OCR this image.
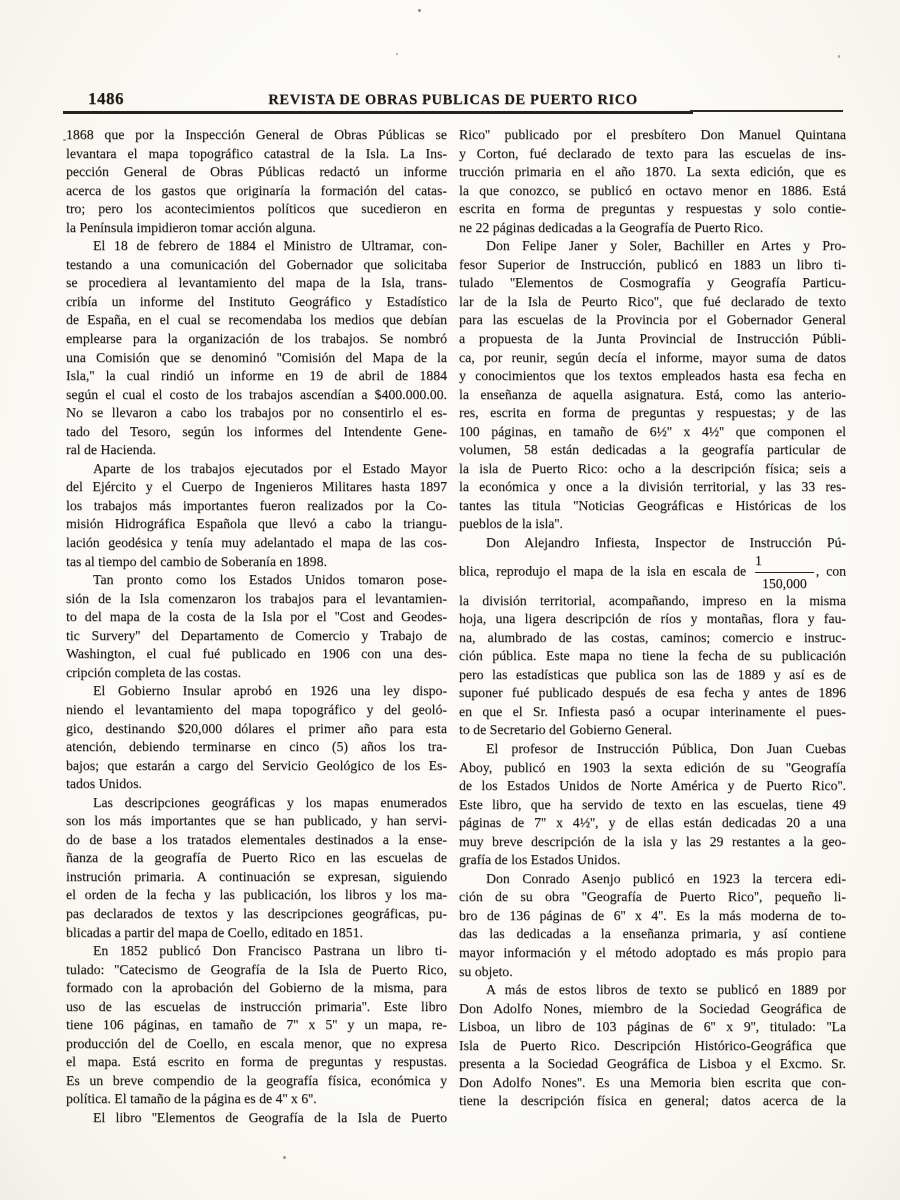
1486	REVISTA DE OBRAS PUBLICAS DE PUERTO RICO
1868 que por la Inspección General de Obras Públicas se
levantara el mapa topográfico catastral de la Isla. La Ins-
pección General de Obras Públicas redactó un informe
acerca de los gastos que originaría la formación del catas-
tro; pero los acontecimientos políticos que sucedieron en
la Península impidieron tomar acción alguna.
El 18 de febrero de 1884 el Ministro de Ultramar, con-
testando a una comunicación del Gobernador que solicitaba
se procediera al levantamiento del mapa de la Isla, trans-
cribía un informe del Instituto Geográfico y Estadístico
de España, en el cual se recomendaba los medios que debían
emplearse para la organización de los trabajos. Se nombró
una Comisión que se denominó ''Comisión del Mapa de la
Isla,'' la cual rindió un informe en 19 de abril de 1884
según el cual el costo de los trabajos ascendían a $400.000.00.
No se llevaron a cabo los trabajos por no consentirlo el es-
tado del Tesoro, según los informes del Intendente Gene-
ral de Hacienda.
Aparte de los trabajos ejecutados por el Estado Mayor
del Ejército y el Cuerpo de Ingenieros Militares hasta 1897
los trabajos más importantes fueron realizados por la Co-
misión Hidrográfica Española que llevó a cabo la triangu-
lación geodésica y tenía muy adelantado el mapa de las cos-
tas al tiempo del cambio de Soberanía en 1898.
Tan pronto como los Estados Unidos tomaron pose-
sión de la Isla comenzaron los trabajos para el levantamien-
to del mapa de la costa de la Isla por el ''Cost and Geodes-
tic Survery'' del Departamento de Comercio y Trabajo de
Washington, el cual fué publicado en 1906 con una des-
cripción completa de las costas.
El Gobierno Insular aprobó en 1926 una ley dispo-
niendo el levantamiento del mapa topográfico y del geoló-
gico, destinando $20,000 dólares el primer año para esta
atención, debiendo terminarse en cinco (5) años los tra-
bajos; que estarán a cargo del Servicio Geológico de los Es-
tados Unidos.
Las descripciones geográficas y los mapas enumerados
son los más importantes que se han publicado, y han servi-
do de base a los tratados elementales destinados a la ense-
ñanza de la geografía de Puerto Rico en las escuelas de
instrución primaria. A continuación se expresan, siguiendo
el orden de la fecha y las publicación, los libros y los ma-
pas declarados de textos y las descripciones geográficas, pu-
blicadas a partir del mapa de Coello, editado en 1851.
En 1852 publicó Don Francisco Pastrana un libro ti-
tulado: ''Catecismo de Geografía de la Isla de Puerto Rico,
formado con la aprobación del Gobierno de la misma, para
uso de las escuelas de instrucción primaria''. Este libro
tiene 106 páginas, en tamaño de 7'' x 5'' y un mapa, re-
producción del de Coello, en escala menor, que no expresa
el mapa. Está escrito en forma de preguntas y respustas.
Es un breve compendio de la geografía física, económica y
política. El tamaño de la página es de 4'' x 6''.
El libro ''Elementos de Geografía de la Isla de Puerto
Rico'' publicado por el presbítero Don Manuel Quintana
y Corton, fué declarado de texto para las escuelas de ins-
trucción primaria en el año 1870. La sexta edición, que es
la que conozco, se publicó en octavo menor en 1886. Está
escrita en forma de preguntas y respuestas y solo contie-
ne 22 páginas dedicadas a la Geografía de Puerto Rico.
Don Felipe Janer y Soler, Bachiller en Artes y Pro-
fesor Superior de Instrucción, publicó en 1883 un libro ti-
tulado ''Elementos de Cosmografía y Geografía Particu-
lar de la Isla de Peurto Rico'', que fué declarado de texto
para las escuelas de la Provincia por el Gobernador General
a propuesta de la Junta Provincial de Instrucción Públi-
ca, por reunir, según decía el informe, mayor suma de datos
y conocimientos que los textos empleados hasta esa fecha en
la enseñanza de aquella asignatura. Está, como las anterio-
res, escrita en forma de preguntas y respuestas; y de las
100 páginas, en tamaño de 6½'' x 4½'' que componen el
volumen, 58 están dedicadas a la geografía particular de
la isla de Puerto Rico: ocho a la descripción física; seis a
la económica y once a la división territorial, y las 33 res-
tantes las titula ''Noticias Geográficas e Históricas de los
pueblos de la isla''.
Don Alejandro Infiesta, Inspector de Instrucción Pú-
blica, reprodujo el mapa de la isla en escala de $\frac{1}{150,000}$ , con
la división territorial, acompañando, impreso en la misma
hoja, una ligera descripción de ríos y montañas, flora y fau-
na, alumbrado de las costas, caminos; comercio e instruc-
ción pública. Este mapa no tiene la fecha de su publicación
pero las estadísticas que publica son las de 1889 y así es de
suponer fué publicado después de esa fecha y antes de 1896
en que el Sr. Infiesta pasó a ocupar interinamente el pues-
to de Secretario del Gobierno General.
El profesor de Instrucción Pública, Don Juan Cuebas
Aboy, publicó en 1903 la sexta edición de su ''Geografía
de los Estados Unidos de Norte América y de Puerto Rico''.
Este libro, que ha servido de texto en las escuelas, tiene 49
páginas de 7'' x 4½'', y de ellas están dedicadas 20 a una
muy breve descripción de la isla y las 29 restantes a la geo-
grafía de los Estados Unidos.
Don Conrado Asenjo publicó en 1923 la tercera edi-
ción de su obra ''Geografía de Puerto Rico'', pequeño li-
bro de 136 páginas de 6'' x 4''. Es la más moderna de to-
das las dedicadas a la enseñanza primaria, y así contiene
mayor información y el método adoptado es más propio para
su objeto.
A más de estos libros de texto se publicó en 1889 por
Don Adolfo Nones, miembro de la Sociedad Geográfica de
Lisboa, un libro de 103 páginas de 6'' x 9'', titulado: ''La
Isla de Puerto Rico. Descripción Histórico-Geográfica que
presenta a la Sociedad Geográfica de Lisboa y el Excmo. Sr.
Don Adolfo Nones''. Es una Memoria bien escrita que con-
tiene la descripción física en general; datos acerca de la
